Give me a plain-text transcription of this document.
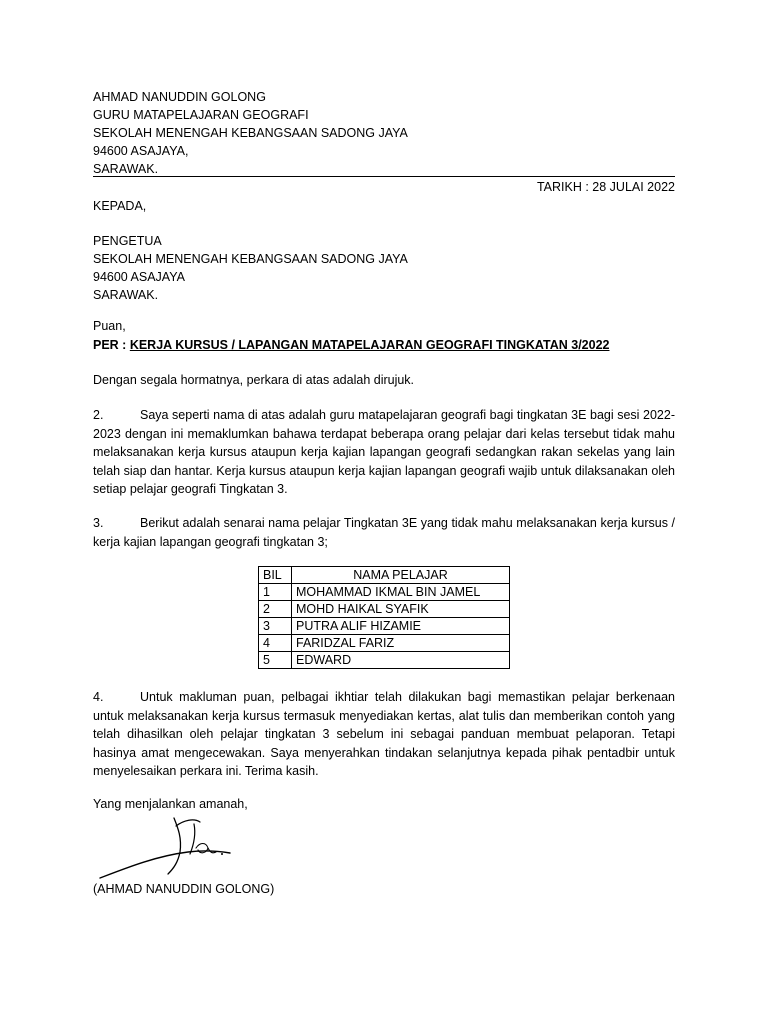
AHMAD NANUDDIN GOLONG
GURU MATAPELAJARAN GEOGRAFI
SEKOLAH MENENGAH KEBANGSAAN SADONG JAYA
94600 ASAJAYA,
SARAWAK.
TARIKH : 28 JULAI 2022
KEPADA,
PENGETUA
SEKOLAH MENENGAH KEBANGSAAN SADONG JAYA
94600 ASAJAYA
SARAWAK.
Puan,
PER : KERJA KURSUS / LAPANGAN MATAPELAJARAN GEOGRAFI TINGKATAN 3/2022
Dengan segala hormatnya, perkara di atas adalah dirujuk.

2.	Saya seperti nama di atas adalah guru matapelajaran geografi bagi tingkatan 3E bagi sesi 2022-2023 dengan ini memaklumkan bahawa terdapat beberapa orang pelajar dari kelas tersebut tidak mahu melaksanakan kerja kursus ataupun kerja kajian lapangan geografi sedangkan rakan sekelas yang lain telah siap dan hantar. Kerja kursus ataupun kerja kajian lapangan geografi wajib untuk dilaksanakan oleh setiap pelajar geografi Tingkatan 3.

3.	Berikut adalah senarai nama pelajar Tingkatan 3E yang tidak mahu melaksanakan kerja kursus / kerja kajian lapangan geografi tingkatan 3;

BIL	NAMA PELAJAR
1	MOHAMMAD IKMAL BIN JAMEL
2	MOHD HAIKAL SYAFIK
3	PUTRA ALIF HIZAMIE
4	FARIDZAL FARIZ
5	EDWARD

4.	Untuk makluman puan, pelbagai ikhtiar telah dilakukan bagi memastikan pelajar berkenaan untuk melaksanakan kerja kursus termasuk menyediakan kertas, alat tulis dan memberikan contoh yang telah dihasilkan oleh pelajar tingkatan 3 sebelum ini sebagai panduan membuat pelaporan. Tetapi hasinya amat mengecewakan. Saya menyerahkan tindakan selanjutnya kepada pihak pentadbir untuk menyelesaikan perkara ini. Terima kasih.

Yang menjalankan amanah,
(AHMAD NANUDDIN GOLONG)
